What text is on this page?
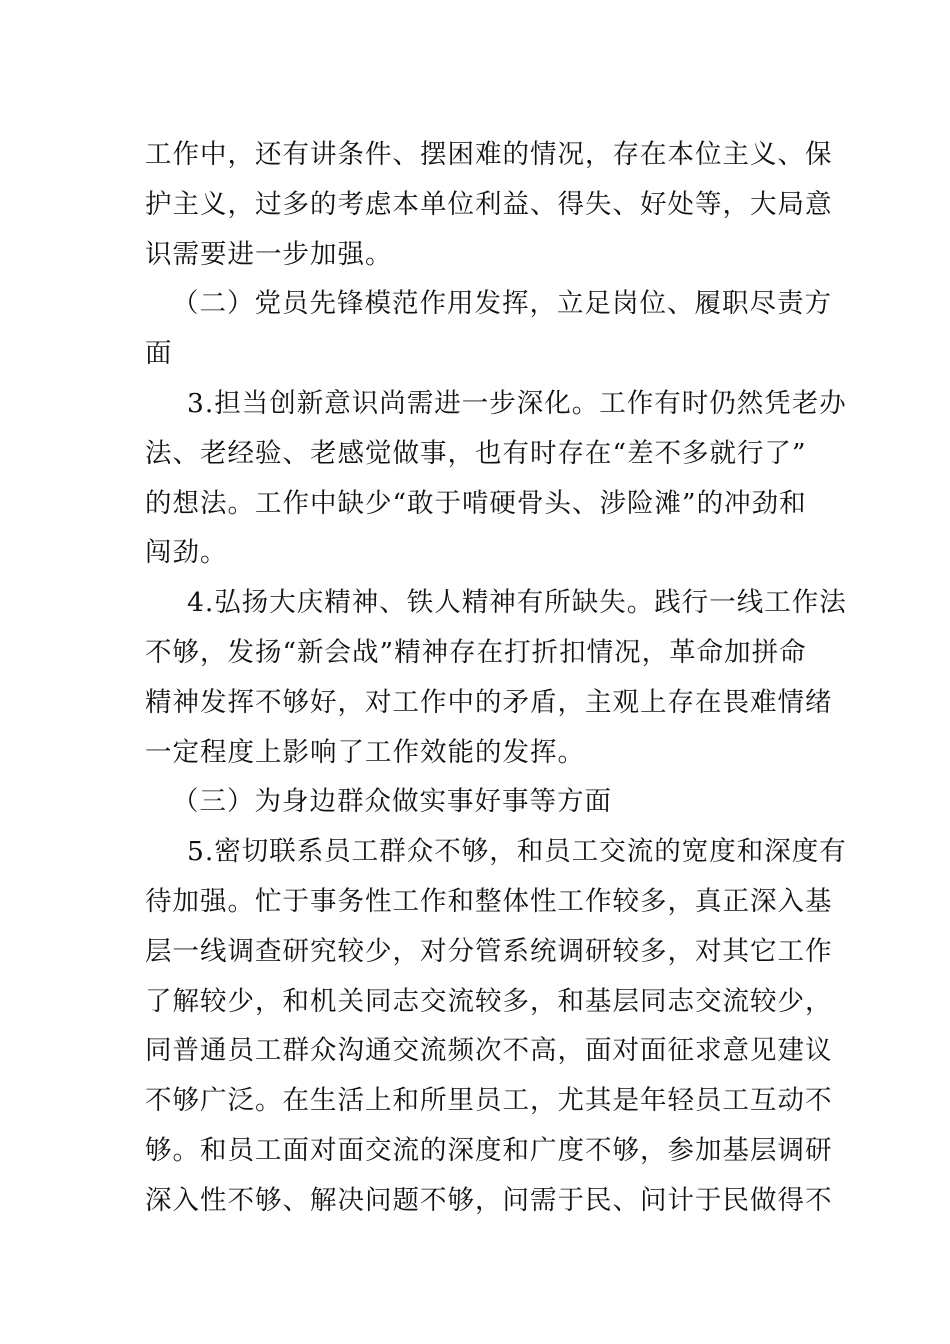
工作中，还有讲条件、摆困难的情况，存在本位主义、保
护主义，过多的考虑本单位利益、得失、好处等，大局意
识需要进一步加强。
（二）党员先锋模范作用发挥，立足岗位、履职尽责方
面
3.担当创新意识尚需进一步深化。工作有时仍然凭老办
法、老经验、老感觉做事，也有时存在“差不多就行了”
的想法。工作中缺少“敢于啃硬骨头、涉险滩”的冲劲和
闯劲。
4.弘扬大庆精神、铁人精神有所缺失。践行一线工作法
不够，发扬“新会战”精神存在打折扣情况，革命加拼命
精神发挥不够好，对工作中的矛盾，主观上存在畏难情绪
一定程度上影响了工作效能的发挥。
（三）为身边群众做实事好事等方面
5.密切联系员工群众不够，和员工交流的宽度和深度有
待加强。忙于事务性工作和整体性工作较多，真正深入基
层一线调查研究较少，对分管系统调研较多，对其它工作
了解较少，和机关同志交流较多，和基层同志交流较少，
同普通员工群众沟通交流频次不高，面对面征求意见建议
不够广泛。在生活上和所里员工，尤其是年轻员工互动不
够。和员工面对面交流的深度和广度不够，参加基层调研
深入性不够、解决问题不够，问需于民、问计于民做得不
